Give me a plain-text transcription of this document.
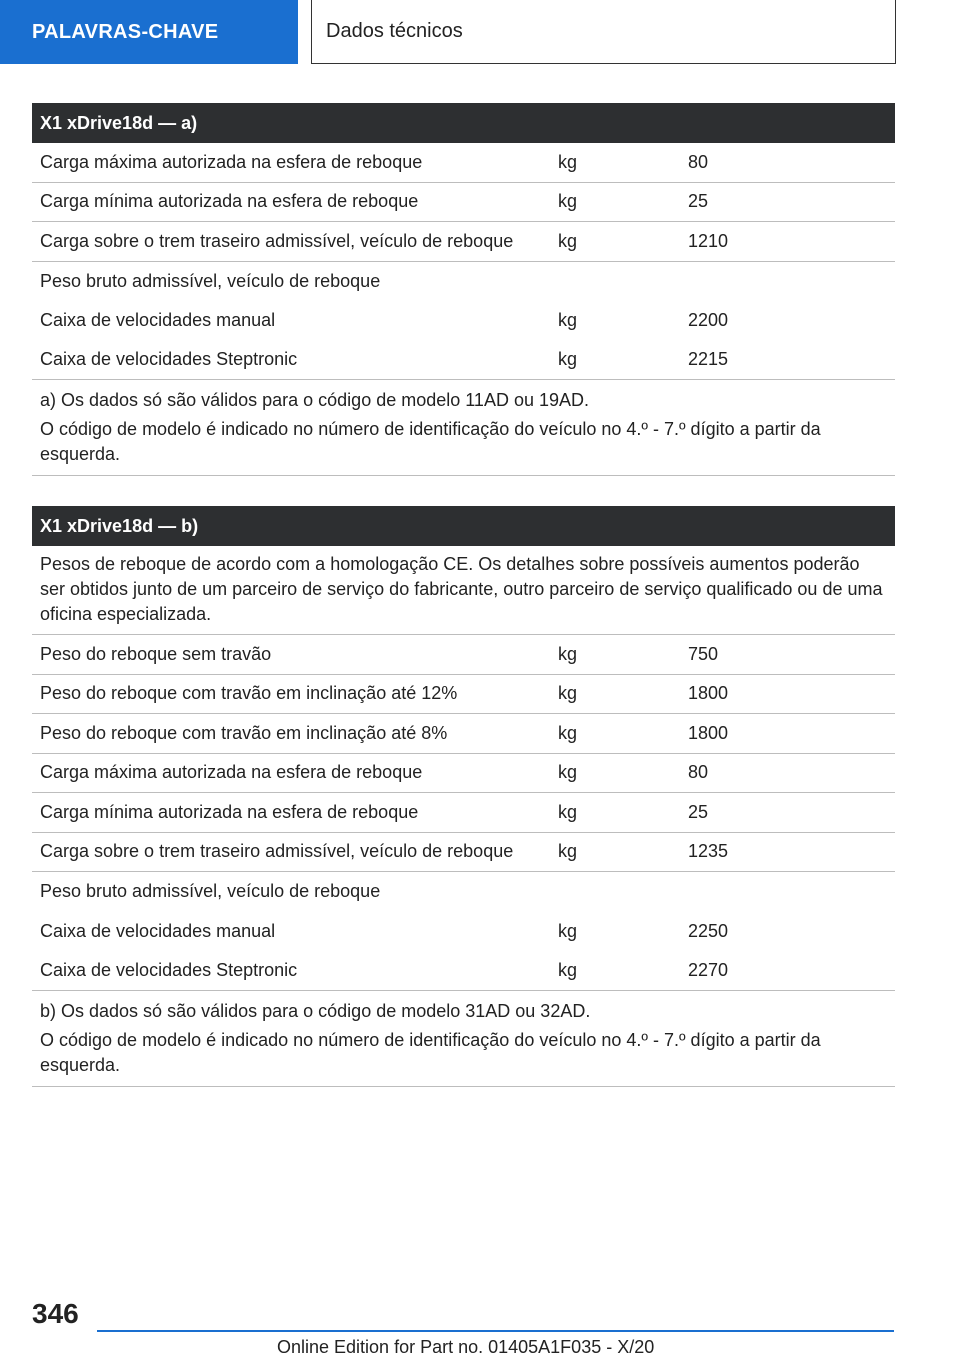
PALAVRAS-CHAVE	Dados técnicos
X1 xDrive18d — a)
Carga máxima autorizada na esfera de reboque	kg	80
Carga mínima autorizada na esfera de reboque	kg	25
Carga sobre o trem traseiro admissível, veículo de reboque	kg	1210
Peso bruto admissível, veículo de reboque
Caixa de velocidades manual	kg	2200
Caixa de velocidades Steptronic	kg	2215

a) Os dados só são válidos para o código de modelo 11AD ou 19AD.

O código de modelo é indicado no número de identificação do veículo no 4.º - 7.º dígito a partir da esquerda.

X1 xDrive18d — b)
Pesos de reboque de acordo com a homologação CE. Os detalhes sobre possíveis aumentos poderão ser obtidos junto de um parceiro de serviço do fabricante, outro parceiro de serviço qualificado ou de uma oficina especializada.
Peso do reboque sem travão	kg	750
Peso do reboque com travão em inclinação até 12%	kg	1800
Peso do reboque com travão em inclinação até 8%	kg	1800
Carga máxima autorizada na esfera de reboque	kg	80
Carga mínima autorizada na esfera de reboque	kg	25
Carga sobre o trem traseiro admissível, veículo de reboque	kg	1235
Peso bruto admissível, veículo de reboque
Caixa de velocidades manual	kg	2250
Caixa de velocidades Steptronic	kg	2270

b) Os dados só são válidos para o código de modelo 31AD ou 32AD.

O código de modelo é indicado no número de identificação do veículo no 4.º - 7.º dígito a partir da esquerda.

346
Online Edition for Part no. 01405A1F035 - X/20
